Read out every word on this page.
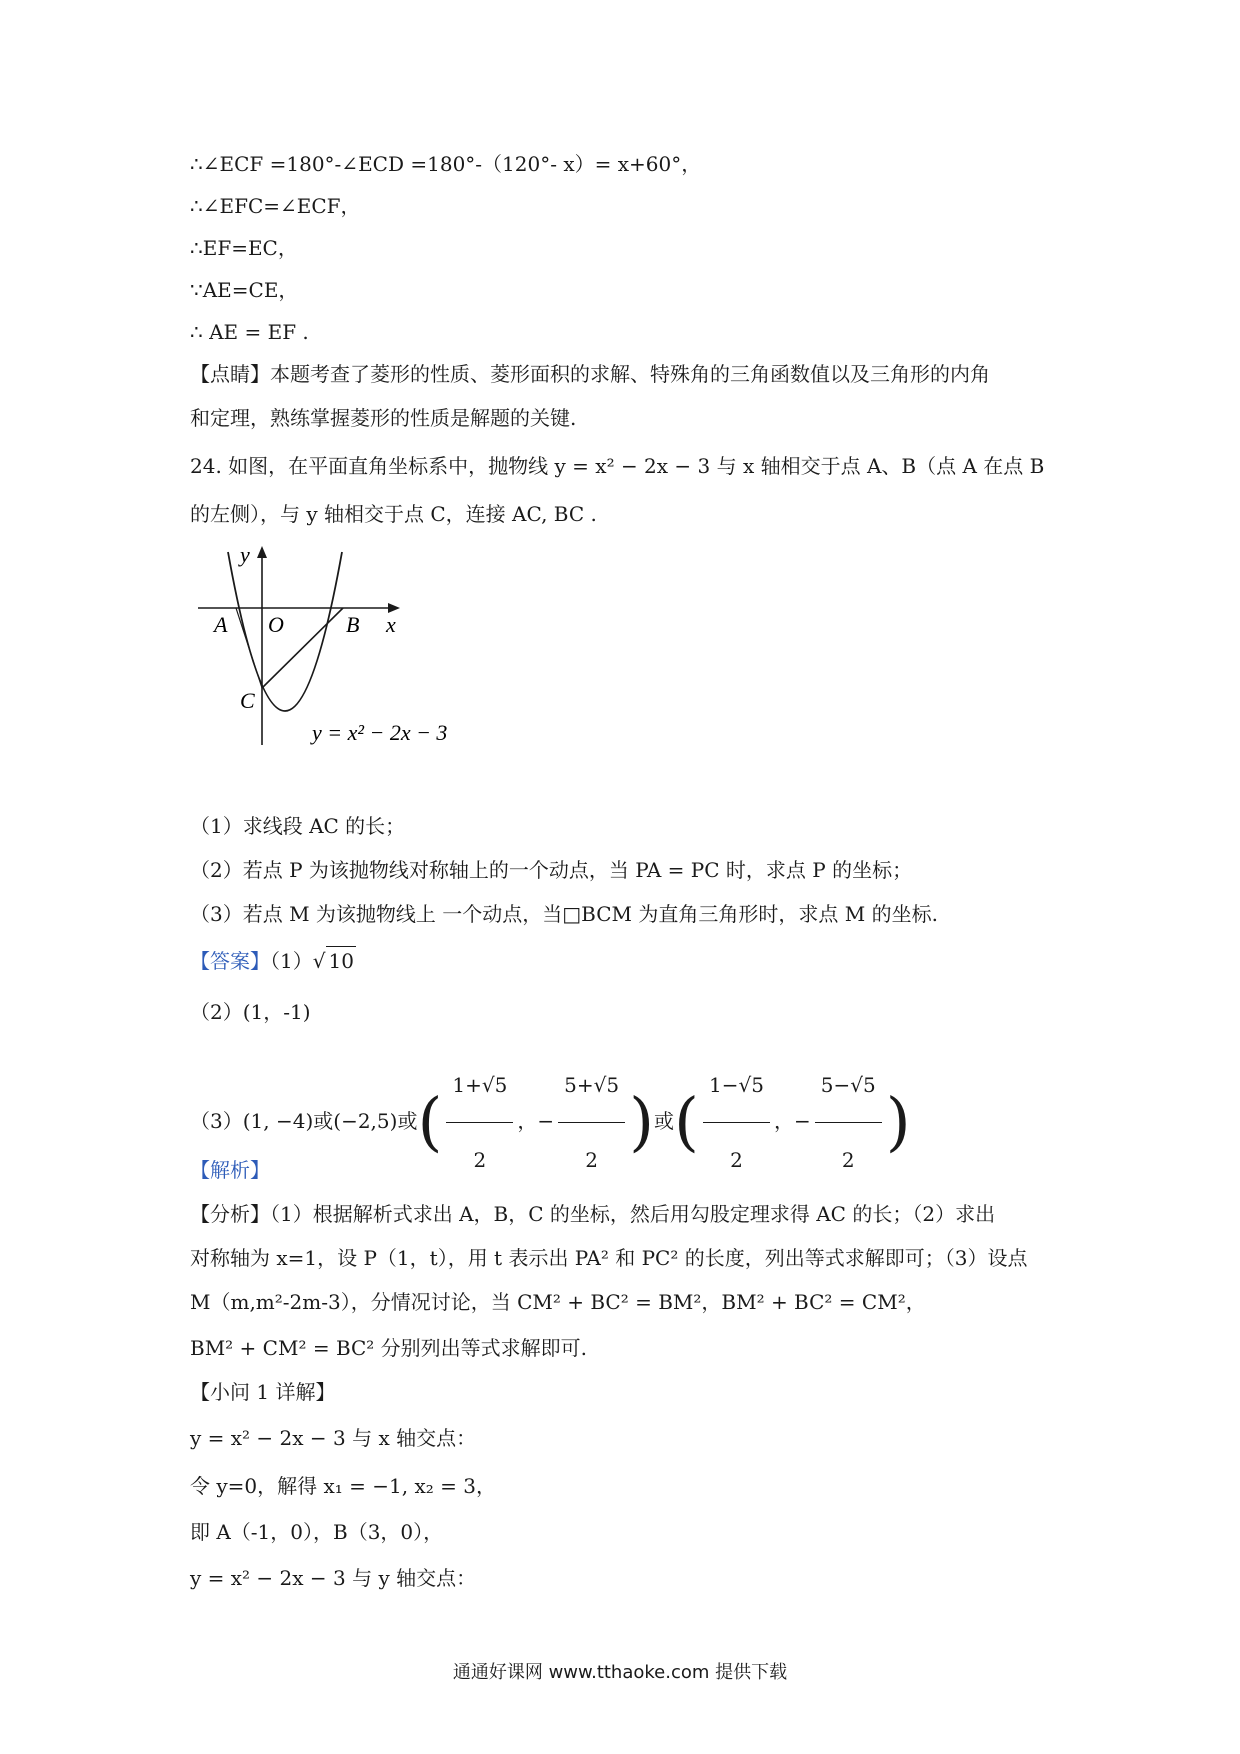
∴∠ECF =180°-∠ECD =180°-（120°- x）= x+60°，
∴∠EFC=∠ECF，
∴EF=EC，
∵AE=CE，
∴ AE = EF .
【点睛】本题考查了菱形的性质、菱形面积的求解、特殊角的三角函数值以及三角形的内角
和定理，熟练掌握菱形的性质是解题的关键.
24. 如图，在平面直角坐标系中，抛物线 y = x² − 2x − 3 与 x 轴相交于点 A、B（点 A 在点 B
的左侧），与 y 轴相交于点 C，连接 AC, BC .
y
x
A O	B
C
y = x² − 2x − 3
（1）求线段 AC 的长；
（2）若点 P 为该抛物线对称轴上的一个动点，当 PA = PC 时，求点 P 的坐标；
（3）若点 M 为该抛物线上 一个动点，当□BCM 为直角三角形时，求点 M 的坐标.
【答案】（1）√ 10
（2）(1，-1)
（3）(1, −4)或(−2,5)或( $\frac{1+√5}{2}$ ，− $\frac{5+√5}{2}$ )或( $\frac{1-√5}{2}$ ，− $\frac{5-√5}{2}$ )
【解析】
【分析】（1）根据解析式求出 A，B，C 的坐标，然后用勾股定理求得 AC 的长；（2）求出
对称轴为 x=1，设 P（1，t），用 t 表示出 PA² 和 PC² 的长度，列出等式求解即可；（3）设点
M（m,m²-2m-3），分情况讨论，当 CM² + BC² = BM²，BM² + BC² = CM²，
BM² + CM² = BC² 分别列出等式求解即可.
【小问 1 详解】
y = x² − 2x − 3 与 x 轴交点：
令 y=0，解得 x₁ = −1, x₂ = 3，
即 A（-1，0），B（3，0），
y = x² − 2x − 3 与 y 轴交点：
通通好课网 www.tthaoke.com 提供下载
